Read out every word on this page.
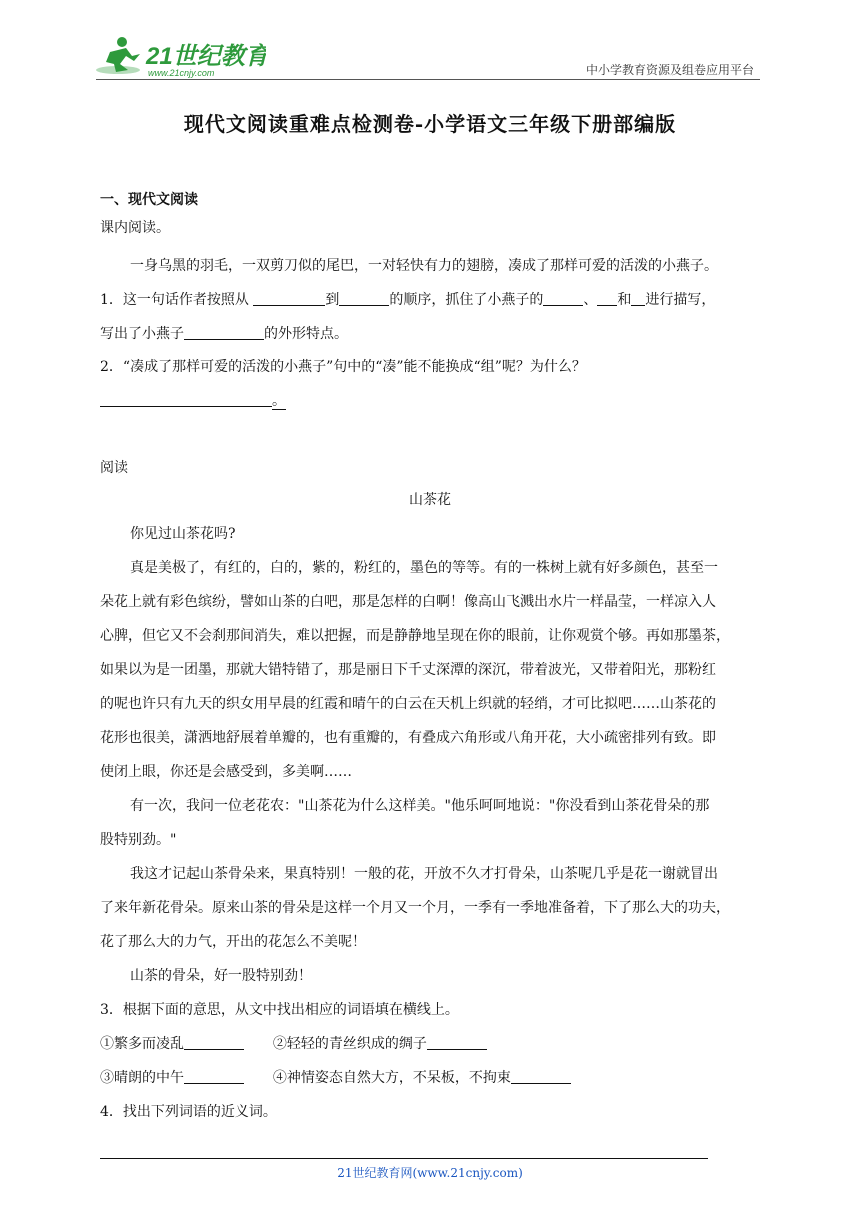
21世纪教育
www.21cnjy.com	中小学教育资源及组卷应用平台
现代文阅读重难点检测卷-小学语文三年级下册部编版
一、现代文阅读
课内阅读。
一身乌黑的羽毛，一双剪刀似的尾巴，一对轻快有力的翅膀，凑成了那样可爱的活泼的小燕子。
1．这一句话作者按照从	到	的顺序，抓住了小燕子的	、 和 进行描写，
写出了小燕子	的外形特点。
2．“凑成了那样可爱的活泼的小燕子”句中的“凑”能不能换成“组”呢？为什么？
。
阅读
山茶花
你见过山茶花吗?
真是美极了，有红的，白的，紫的，粉红的，墨色的等等。有的一株树上就有好多颜色，甚至一
朵花上就有彩色缤纷，譬如山茶的白吧，那是怎样的白啊！像高山飞溅出水片一样晶莹，一样凉入人
心脾，但它又不会刹那间消失，难以把握，而是静静地呈现在你的眼前，让你观赏个够。再如那墨茶，
如果以为是一团墨，那就大错特错了，那是丽日下千丈深潭的深沉，带着波光，又带着阳光，那粉红
的呢也许只有九天的织女用早晨的红霞和晴午的白云在天机上织就的轻绡，才可比拟吧……山茶花的
花形也很美，潇洒地舒展着单瓣的，也有重瓣的，有叠成六角形或八角开花，大小疏密排列有致。即
使闭上眼，你还是会感受到，多美啊……
有一次，我问一位老花农："山茶花为什么这样美。"他乐呵呵地说："你没看到山茶花骨朵的那
股特别劲。"
我这才记起山茶骨朵来，果真特别！一般的花，开放不久才打骨朵，山茶呢几乎是花一谢就冒出
了来年新花骨朵。原来山茶的骨朵是这样一个月又一个月，一季有一季地准备着，下了那么大的功夫，
花了那么大的力气，开出的花怎么不美呢！
山茶的骨朵，好一股特别劲！
3．根据下面的意思，从文中找出相应的词语填在横线上。
①繁多而凌乱	②轻轻的青丝织成的绸子
③晴朗的中午	④神情姿态自然大方，不呆板，不拘束
4．找出下列词语的近义词。
21世纪教育网(www.21cnjy.com)
